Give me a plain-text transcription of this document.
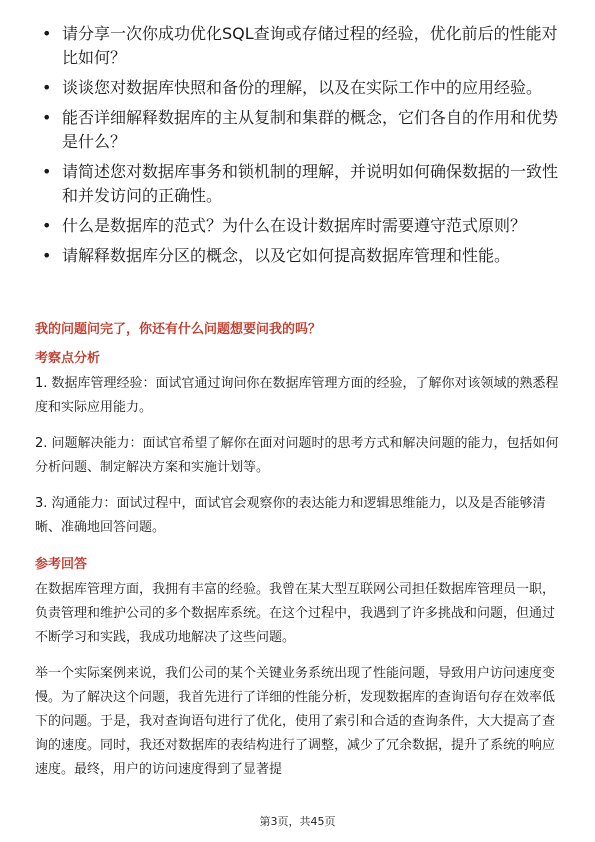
• 请分享一次你成功优化SQL查询或存储过程的经验，优化前后的性能对比如何？
• 谈谈您对数据库快照和备份的理解，以及在实际工作中的应用经验。
• 能否详细解释数据库的主从复制和集群的概念，它们各自的作用和优势是什么？
• 请简述您对数据库事务和锁机制的理解，并说明如何确保数据的一致性和并发访问的正确性。
• 什么是数据库的范式？为什么在设计数据库时需要遵守范式原则？
• 请解释数据库分区的概念，以及它如何提高数据库管理和性能。
我的问题问完了，你还有什么问题想要问我的吗？
考察点分析

1. 数据库管理经验：面试官通过询问你在数据库管理方面的经验，了解你对该领域的熟悉程度和实际应用能力。

2. 问题解决能力：面试官希望了解你在面对问题时的思考方式和解决问题的能力，包括如何分析问题、制定解决方案和实施计划等。

3. 沟通能力：面试过程中，面试官会观察你的表达能力和逻辑思维能力，以及是否能够清晰、准确地回答问题。

参考回答

在数据库管理方面，我拥有丰富的经验。我曾在某大型互联网公司担任数据库管理员一职，负责管理和维护公司的多个数据库系统。在这个过程中，我遇到了许多挑战和问题，但通过不断学习和实践，我成功地解决了这些问题。

举一个实际案例来说，我们公司的某个关键业务系统出现了性能问题，导致用户访问速度变慢。为了解决这个问题，我首先进行了详细的性能分析，发现数据库的查询语句存在效率低下的问题。于是，我对查询语句进行了优化，使用了索引和合适的查询条件，大大提高了查询的速度。同时，我还对数据库的表结构进行了调整，减少了冗余数据，提升了系统的响应速度。最终，用户的访问速度得到了显著提

第3页，共45页
